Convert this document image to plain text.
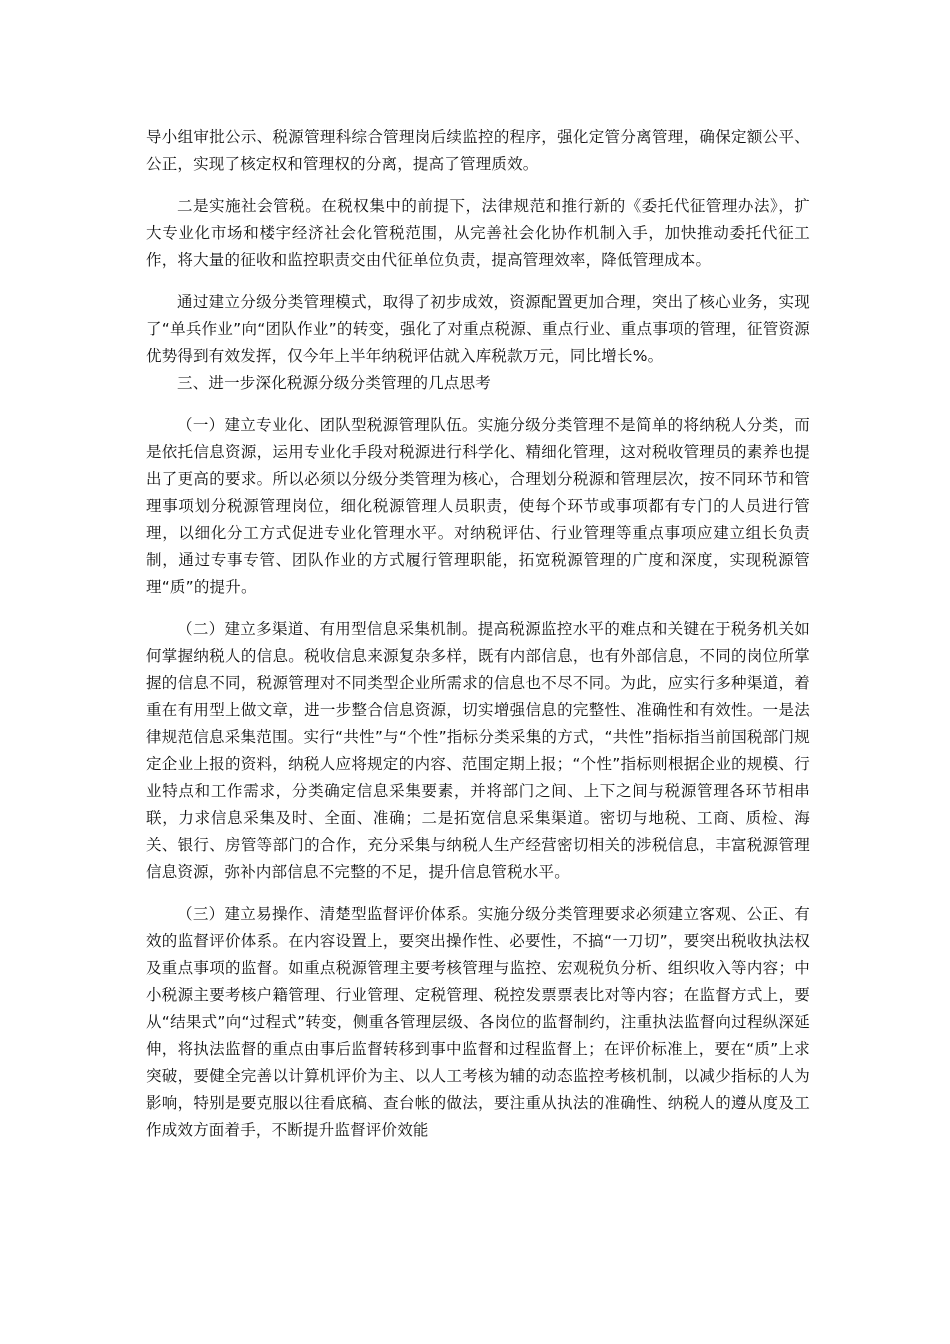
导小组审批公示、税源管理科综合管理岗后续监控的程序，强化定管分离管理，确保定额公平、公正，实现了核定权和管理权的分离，提高了管理质效。

二是实施社会管税。在税权集中的前提下，法律规范和推行新的《委托代征管理办法》，扩大专业化市场和楼宇经济社会化管税范围，从完善社会化协作机制入手，加快推动委托代征工作，将大量的征收和监控职责交由代征单位负责，提高管理效率，降低管理成本。

通过建立分级分类管理模式，取得了初步成效，资源配置更加合理，突出了核心业务，实现了“单兵作业”向“团队作业”的转变，强化了对重点税源、重点行业、重点事项的管理，征管资源优势得到有效发挥，仅今年上半年纳税评估就入库税款万元，同比增长%。

三、进一步深化税源分级分类管理的几点思考

（一）建立专业化、团队型税源管理队伍。实施分级分类管理不是简单的将纳税人分类，而是依托信息资源，运用专业化手段对税源进行科学化、精细化管理，这对税收管理员的素养也提出了更高的要求。所以必须以分级分类管理为核心，合理划分税源和管理层次，按不同环节和管理事项划分税源管理岗位，细化税源管理人员职责，使每个环节或事项都有专门的人员进行管理，以细化分工方式促进专业化管理水平。对纳税评估、行业管理等重点事项应建立组长负责制，通过专事专管、团队作业的方式履行管理职能，拓宽税源管理的广度和深度，实现税源管理“质”的提升。

（二）建立多渠道、有用型信息采集机制。提高税源监控水平的难点和关键在于税务机关如何掌握纳税人的信息。税收信息来源复杂多样，既有内部信息，也有外部信息，不同的岗位所掌握的信息不同，税源管理对不同类型企业所需求的信息也不尽不同。为此，应实行多种渠道，着重在有用型上做文章，进一步整合信息资源，切实增强信息的完整性、准确性和有效性。一是法律规范信息采集范围。实行“共性”与“个性”指标分类采集的方式，“共性”指标指当前国税部门规定企业上报的资料，纳税人应将规定的内容、范围定期上报；“个性”指标则根据企业的规模、行业特点和工作需求，分类确定信息采集要素，并将部门之间、上下之间与税源管理各环节相串联，力求信息采集及时、全面、准确；二是拓宽信息采集渠道。密切与地税、工商、质检、海关、银行、房管等部门的合作，充分采集与纳税人生产经营密切相关的涉税信息，丰富税源管理信息资源，弥补内部信息不完整的不足，提升信息管税水平。

（三）建立易操作、清楚型监督评价体系。实施分级分类管理要求必须建立客观、公正、有效的监督评价体系。在内容设置上，要突出操作性、必要性，不搞“一刀切”，要突出税收执法权及重点事项的监督。如重点税源管理主要考核管理与监控、宏观税负分析、组织收入等内容；中小税源主要考核户籍管理、行业管理、定税管理、税控发票票表比对等内容；在监督方式上，要从“结果式”向“过程式”转变，侧重各管理层级、各岗位的监督制约，注重执法监督向过程纵深延伸，将执法监督的重点由事后监督转移到事中监督和过程监督上；在评价标准上，要在“质”上求突破，要健全完善以计算机评价为主、以人工考核为辅的动态监控考核机制，以减少指标的人为影响，特别是要克服以往看底稿、查台帐的做法，要注重从执法的准确性、纳税人的遵从度及工作成效方面着手，不断提升监督评价效能
